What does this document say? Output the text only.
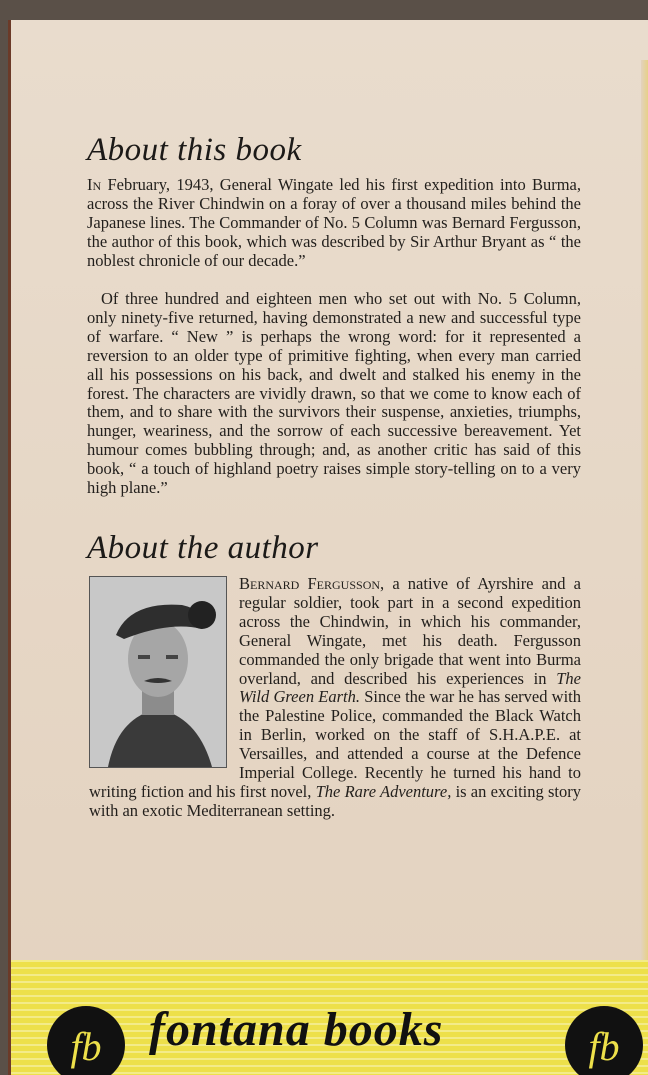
About this book

In February, 1943, General Wingate led his first expedition into Burma, across the River Chindwin on a foray of over a thousand miles behind the Japanese lines. The Commander of No. 5 Column was Bernard Fergusson, the author of this book, which was described by Sir Arthur Bryant as “ the noblest chronicle of our decade.”

Of three hundred and eighteen men who set out with No. 5 Column, only ninety-five returned, having demonstrated a new and successful type of warfare. “ New ” is perhaps the wrong word: for it represented a reversion to an older type of primitive fighting, when every man carried all his possessions on his back, and dwelt and stalked his enemy in the forest. The characters are vividly drawn, so that we come to know each of them, and to share with the survivors their suspense, anxieties, triumphs, hunger, weariness, and the sorrow of each successive bereavement. Yet humour comes bubbling through; and, as another critic has said of this book, “ a touch of highland poetry raises simple story-telling on to a very high plane.”

About the author

Bernard Fergusson, a native of Ayrshire and a regular soldier, took part in a second expedition across the Chindwin, in which his commander, General Wingate, met his death. Fergusson commanded the only brigade that went into Burma overland, and described his experiences in The Wild Green Earth. Since the war he has served with the Palestine Police, commanded the Black Watch in Berlin, worked on the staff of S.H.A.P.E. at Versailles, and attended a course at the Defence Imperial College. Recently he turned his hand to writing fiction and his first novel, The Rare Adventure, is an exciting story with an exotic Mediterranean setting.

fb fontana books	fb
